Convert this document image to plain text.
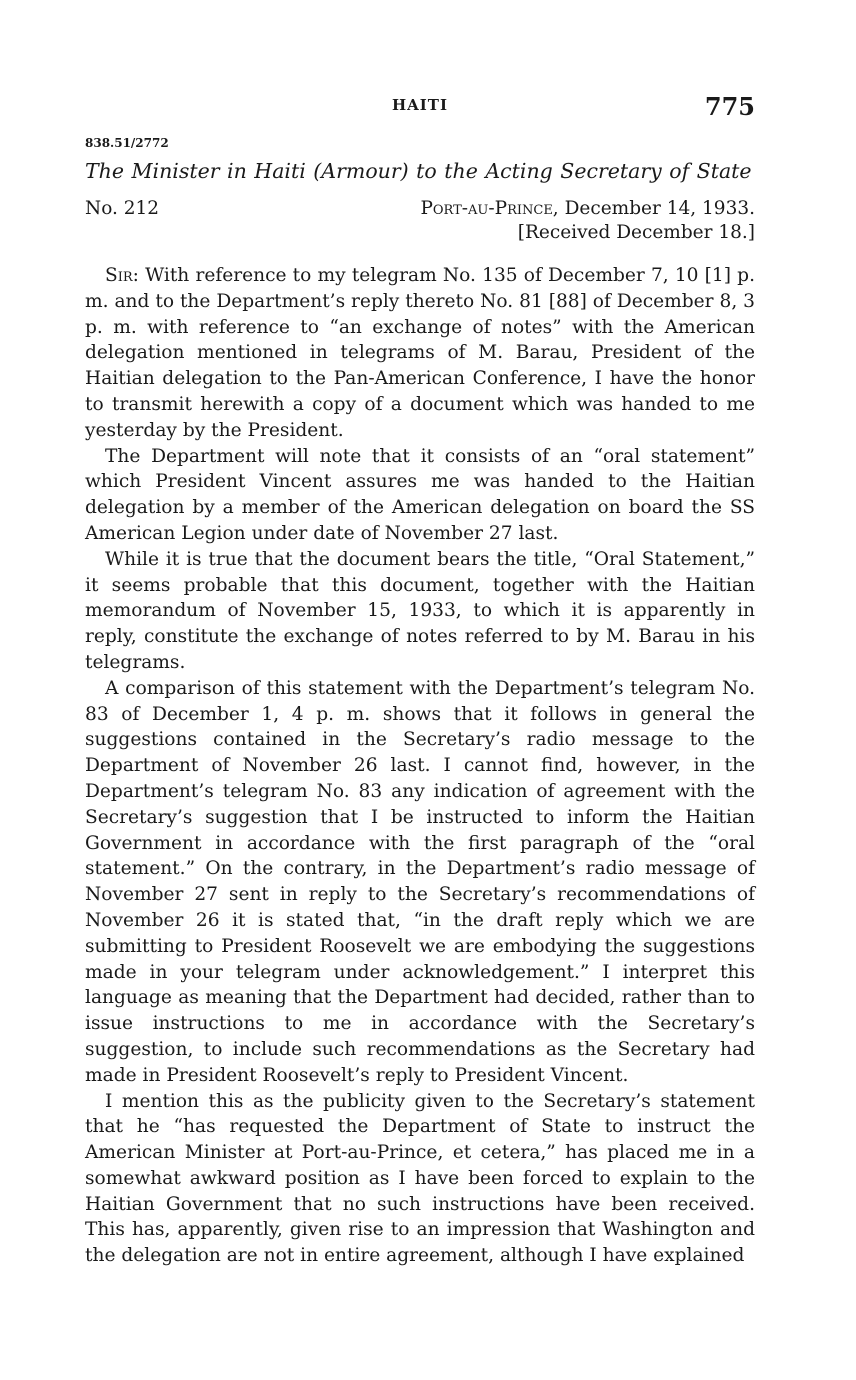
HAITI	775
838.51/2772
The Minister in Haiti (Armour) to the Acting Secretary of State
No. 212	Port-au-Prince, December 14, 1933.
[Received December 18.]

Sir: With reference to my telegram No. 135 of December 7, 10 [1] p. m. and to the Department’s reply thereto No. 81 [88] of December 8, 3 p. m. with reference to “an exchange of notes” with the American delegation mentioned in telegrams of M. Barau, President of the Haitian delegation to the Pan-American Conference, I have the honor to transmit herewith a copy of a document which was handed to me yesterday by the President.

The Department will note that it consists of an “oral statement” which President Vincent assures me was handed to the Haitian delegation by a member of the American delegation on board the SS American Legion under date of November 27 last.

While it is true that the document bears the title, “Oral Statement,” it seems probable that this document, together with the Haitian memorandum of November 15, 1933, to which it is apparently in reply, constitute the exchange of notes referred to by M. Barau in his telegrams.

A comparison of this statement with the Department’s telegram No. 83 of December 1, 4 p. m. shows that it follows in general the suggestions contained in the Secretary’s radio message to the Department of November 26 last. I cannot find, however, in the Department’s telegram No. 83 any indication of agreement with the Secretary’s suggestion that I be instructed to inform the Haitian Government in accordance with the first paragraph of the “oral statement.” On the contrary, in the Department’s radio message of November 27 sent in reply to the Secretary’s recommendations of November 26 it is stated that, “in the draft reply which we are submitting to President Roosevelt we are embodying the suggestions made in your telegram under acknowledgement.” I interpret this language as meaning that the Department had decided, rather than to issue instructions to me in accordance with the Secretary’s suggestion, to include such recommendations as the Secretary had made in President Roosevelt’s reply to President Vincent.

I mention this as the publicity given to the Secretary’s statement that he “has requested the Department of State to instruct the American Minister at Port-au-Prince, et cetera,” has placed me in a somewhat awkward position as I have been forced to explain to the Haitian Government that no such instructions have been received. This has, apparently, given rise to an impression that Washington and the delegation are not in entire agreement, although I have explained
